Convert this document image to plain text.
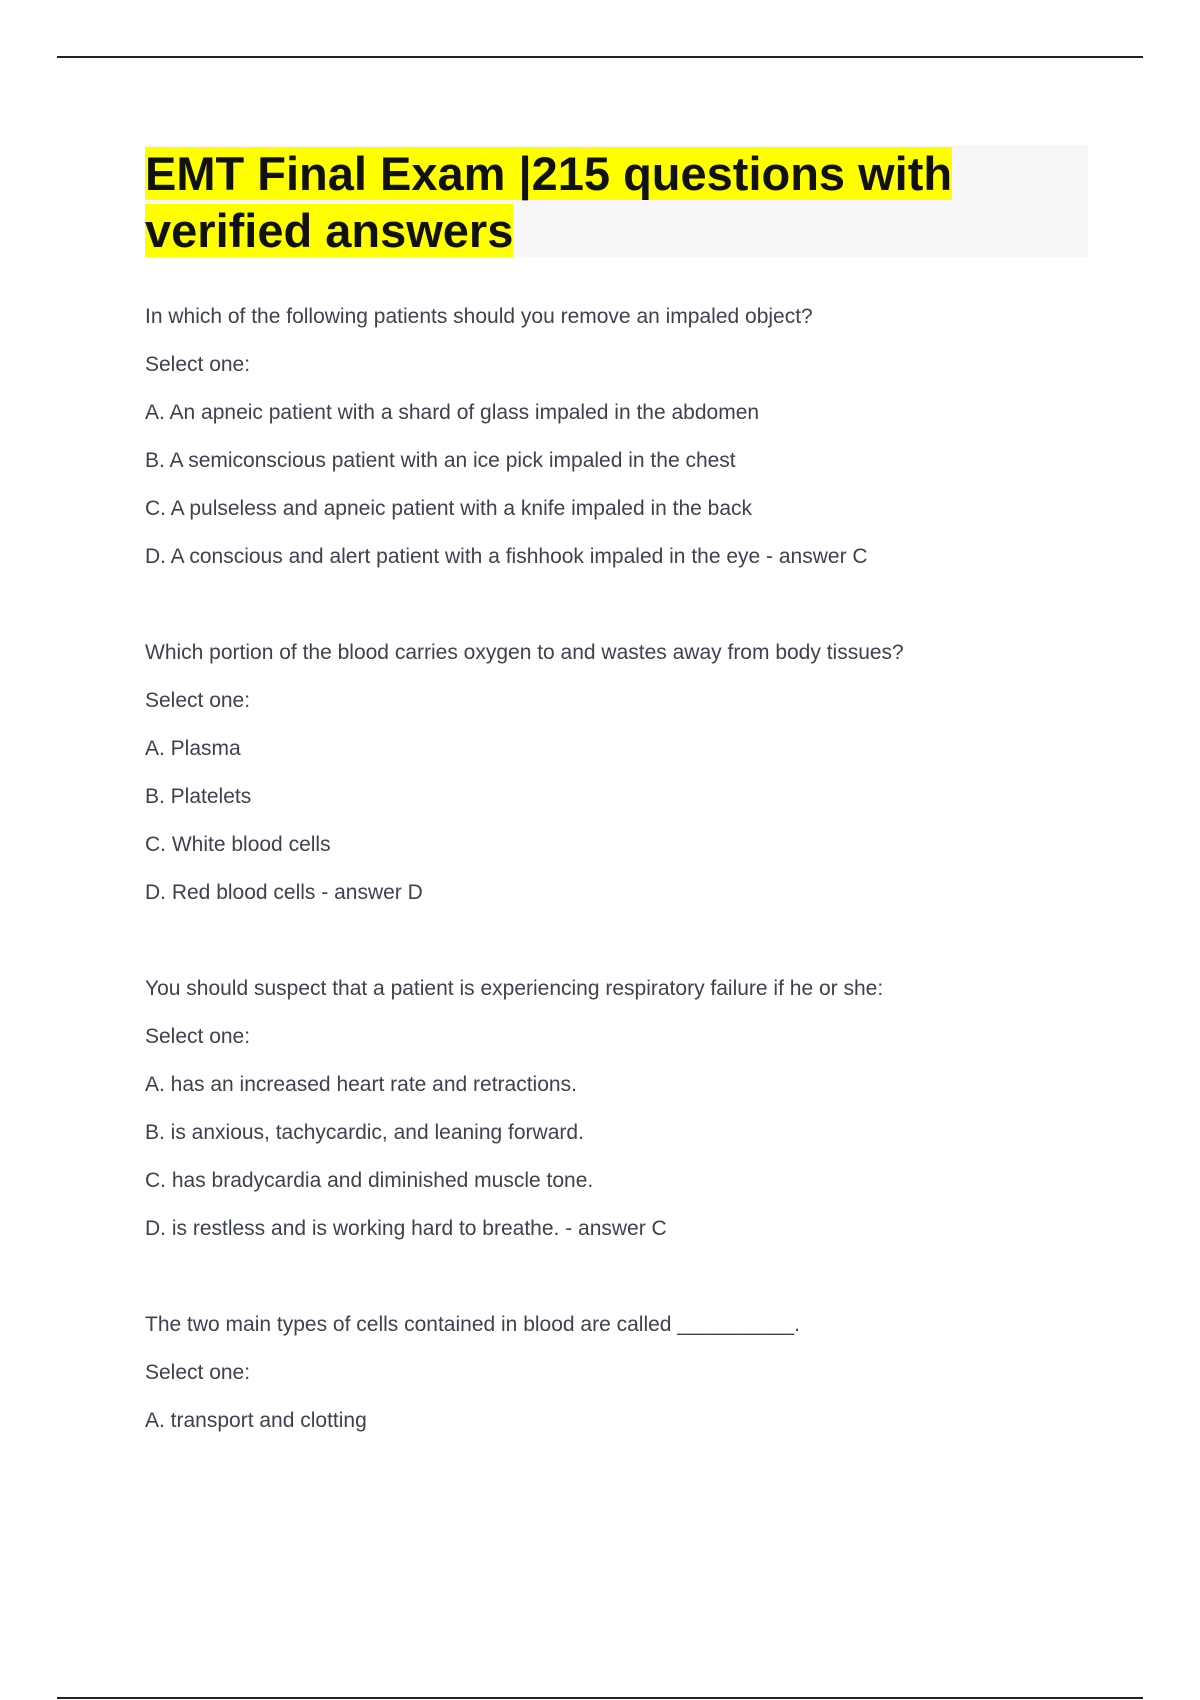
EMT Final Exam |215 questions with
verified answers

In which of the following patients should you remove an impaled object?

Select one:

A. An apneic patient with a shard of glass impaled in the abdomen

B. A semiconscious patient with an ice pick impaled in the chest

C. A pulseless and apneic patient with a knife impaled in the back

D. A conscious and alert patient with a fishhook impaled in the eye - answer C

Which portion of the blood carries oxygen to and wastes away from body tissues?

Select one:

A. Plasma

B. Platelets

C. White blood cells

D. Red blood cells - answer D

You should suspect that a patient is experiencing respiratory failure if he or she:

Select one:

A. has an increased heart rate and retractions.

B. is anxious, tachycardic, and leaning forward.

C. has bradycardia and diminished muscle tone.

D. is restless and is working hard to breathe. - answer C

The two main types of cells contained in blood are called __________.

Select one:

A. transport and clotting
